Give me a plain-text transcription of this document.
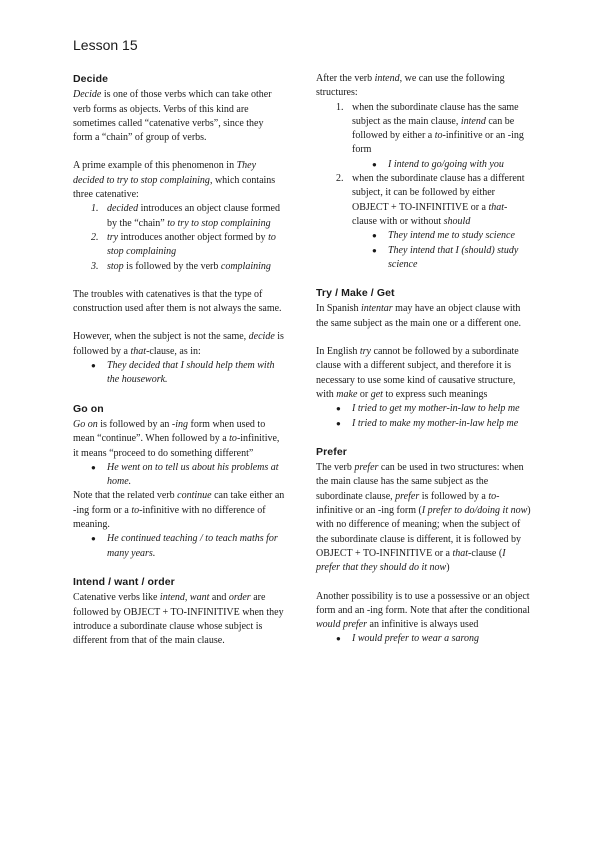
Lesson 15
Decide

Decide is one of those verbs which can take other verb forms as objects. Verbs of this kind are sometimes called “catenative verbs”, since they form a “chain” of group of verbs.

A prime example of this phenomenon in They decided to try to stop complaining, which contains three catenative:

1. decided introduces an object clause formed by the “chain” to try to stop complaining
2. try introduces another object formed by to stop complaining
3. stop is followed by the verb complaining

The troubles with catenatives is that the type of construction used after them is not always the same.

However, when the subject is not the same, decide is followed by a that-clause, as in:

●	They decided that I should help them with the housework.
Go on

Go on is followed by an -ing form when used to mean “continue”. When followed by a to-infinitive, it means “proceed to do something different”

●	He went on to tell us about his problems at home.

Note that the related verb continue can take either an -ing form or a to-infinitive with no difference of meaning.

●	He continued teaching / to teach maths for many years.
Intend / want / order

Catenative verbs like intend, want and order are followed by OBJECT + TO-INFINITIVE when they introduce a subordinate clause whose subject is different from that of the main clause.

After the verb intend, we can use the following structures:

1. when the subordinate clause has the same subject as the main clause, intend can be followed by either a to-infinitive or an -ing form
●	I intend to go/going with you
2. when the subordinate clause has a different subject, it can be followed by either OBJECT + TO-INFINITIVE or a that-clause with or without should
●	They intend me to study science
●	They intend that I (should) study science
Try / Make / Get

In Spanish intentar may have an object clause with the same subject as the main one or a different one.

In English try cannot be followed by a subordinate clause with a different subject, and therefore it is necessary to use some kind of causative structure, with make or get to express such meanings

●	I tried to get my mother-in-law to help me
●	I tried to make my mother-in-law help me
Prefer

The verb prefer can be used in two structures: when the main clause has the same subject as the subordinate clause, prefer is followed by a to-infinitive or an -ing form (I prefer to do/doing it now) with no difference of meaning; when the subject of the subordinate clause is different, it is followed by OBJECT + TO-INFINITIVE or a that-clause (I prefer that they should do it now)

Another possibility is to use a possessive or an object form and an -ing form. Note that after the conditional would prefer an infinitive is always used

●	I would prefer to wear a sarong
